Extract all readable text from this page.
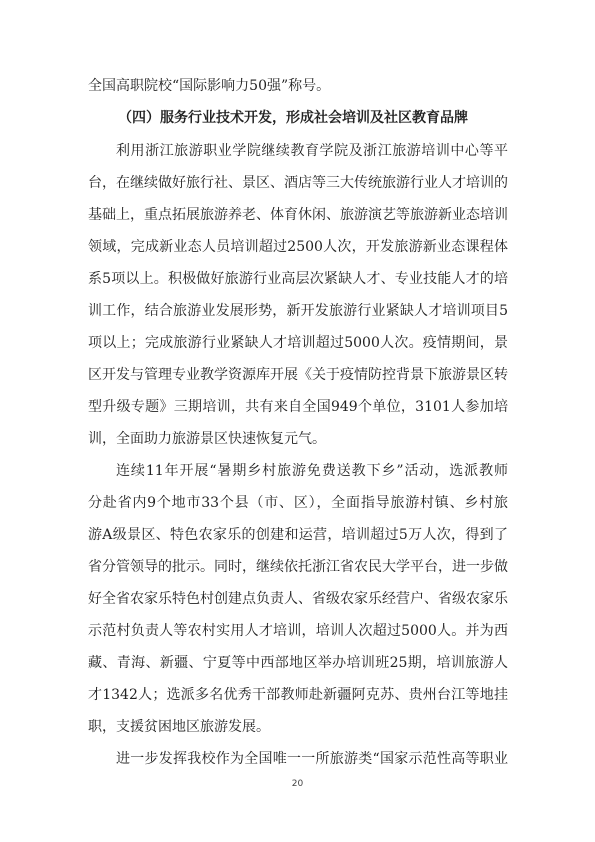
全国高职院校“国际影响力50强”称号。
（四）服务行业技术开发，形成社会培训及社区教育品牌
利用浙江旅游职业学院继续教育学院及浙江旅游培训中心等平
台，在继续做好旅行社、景区、酒店等三大传统旅游行业人才培训的
基础上，重点拓展旅游养老、体育休闲、旅游演艺等旅游新业态培训
领域，完成新业态人员培训超过2500人次，开发旅游新业态课程体
系5项以上。积极做好旅游行业高层次紧缺人才、专业技能人才的培
训工作，结合旅游业发展形势，新开发旅游行业紧缺人才培训项目5
项以上；完成旅游行业紧缺人才培训超过5000人次。疫情期间，景
区开发与管理专业教学资源库开展《关于疫情防控背景下旅游景区转
型升级专题》三期培训，共有来自全国949个单位，3101人参加培
训，全面助力旅游景区快速恢复元气。
连续11年开展“暑期乡村旅游免费送教下乡”活动，选派教师
分赴省内9个地市33个县（市、区），全面指导旅游村镇、乡村旅
游A级景区、特色农家乐的创建和运营，培训超过5万人次，得到了
省分管领导的批示。同时，继续依托浙江省农民大学平台，进一步做
好全省农家乐特色村创建点负责人、省级农家乐经营户、省级农家乐
示范村负责人等农村实用人才培训，培训人次超过5000人。并为西
藏、青海、新疆、宁夏等中西部地区举办培训班25期，培训旅游人
才1342人；选派多名优秀干部教师赴新疆阿克苏、贵州台江等地挂
职，支援贫困地区旅游发展。
进一步发挥我校作为全国唯一一所旅游类“国家示范性高等职业
20
